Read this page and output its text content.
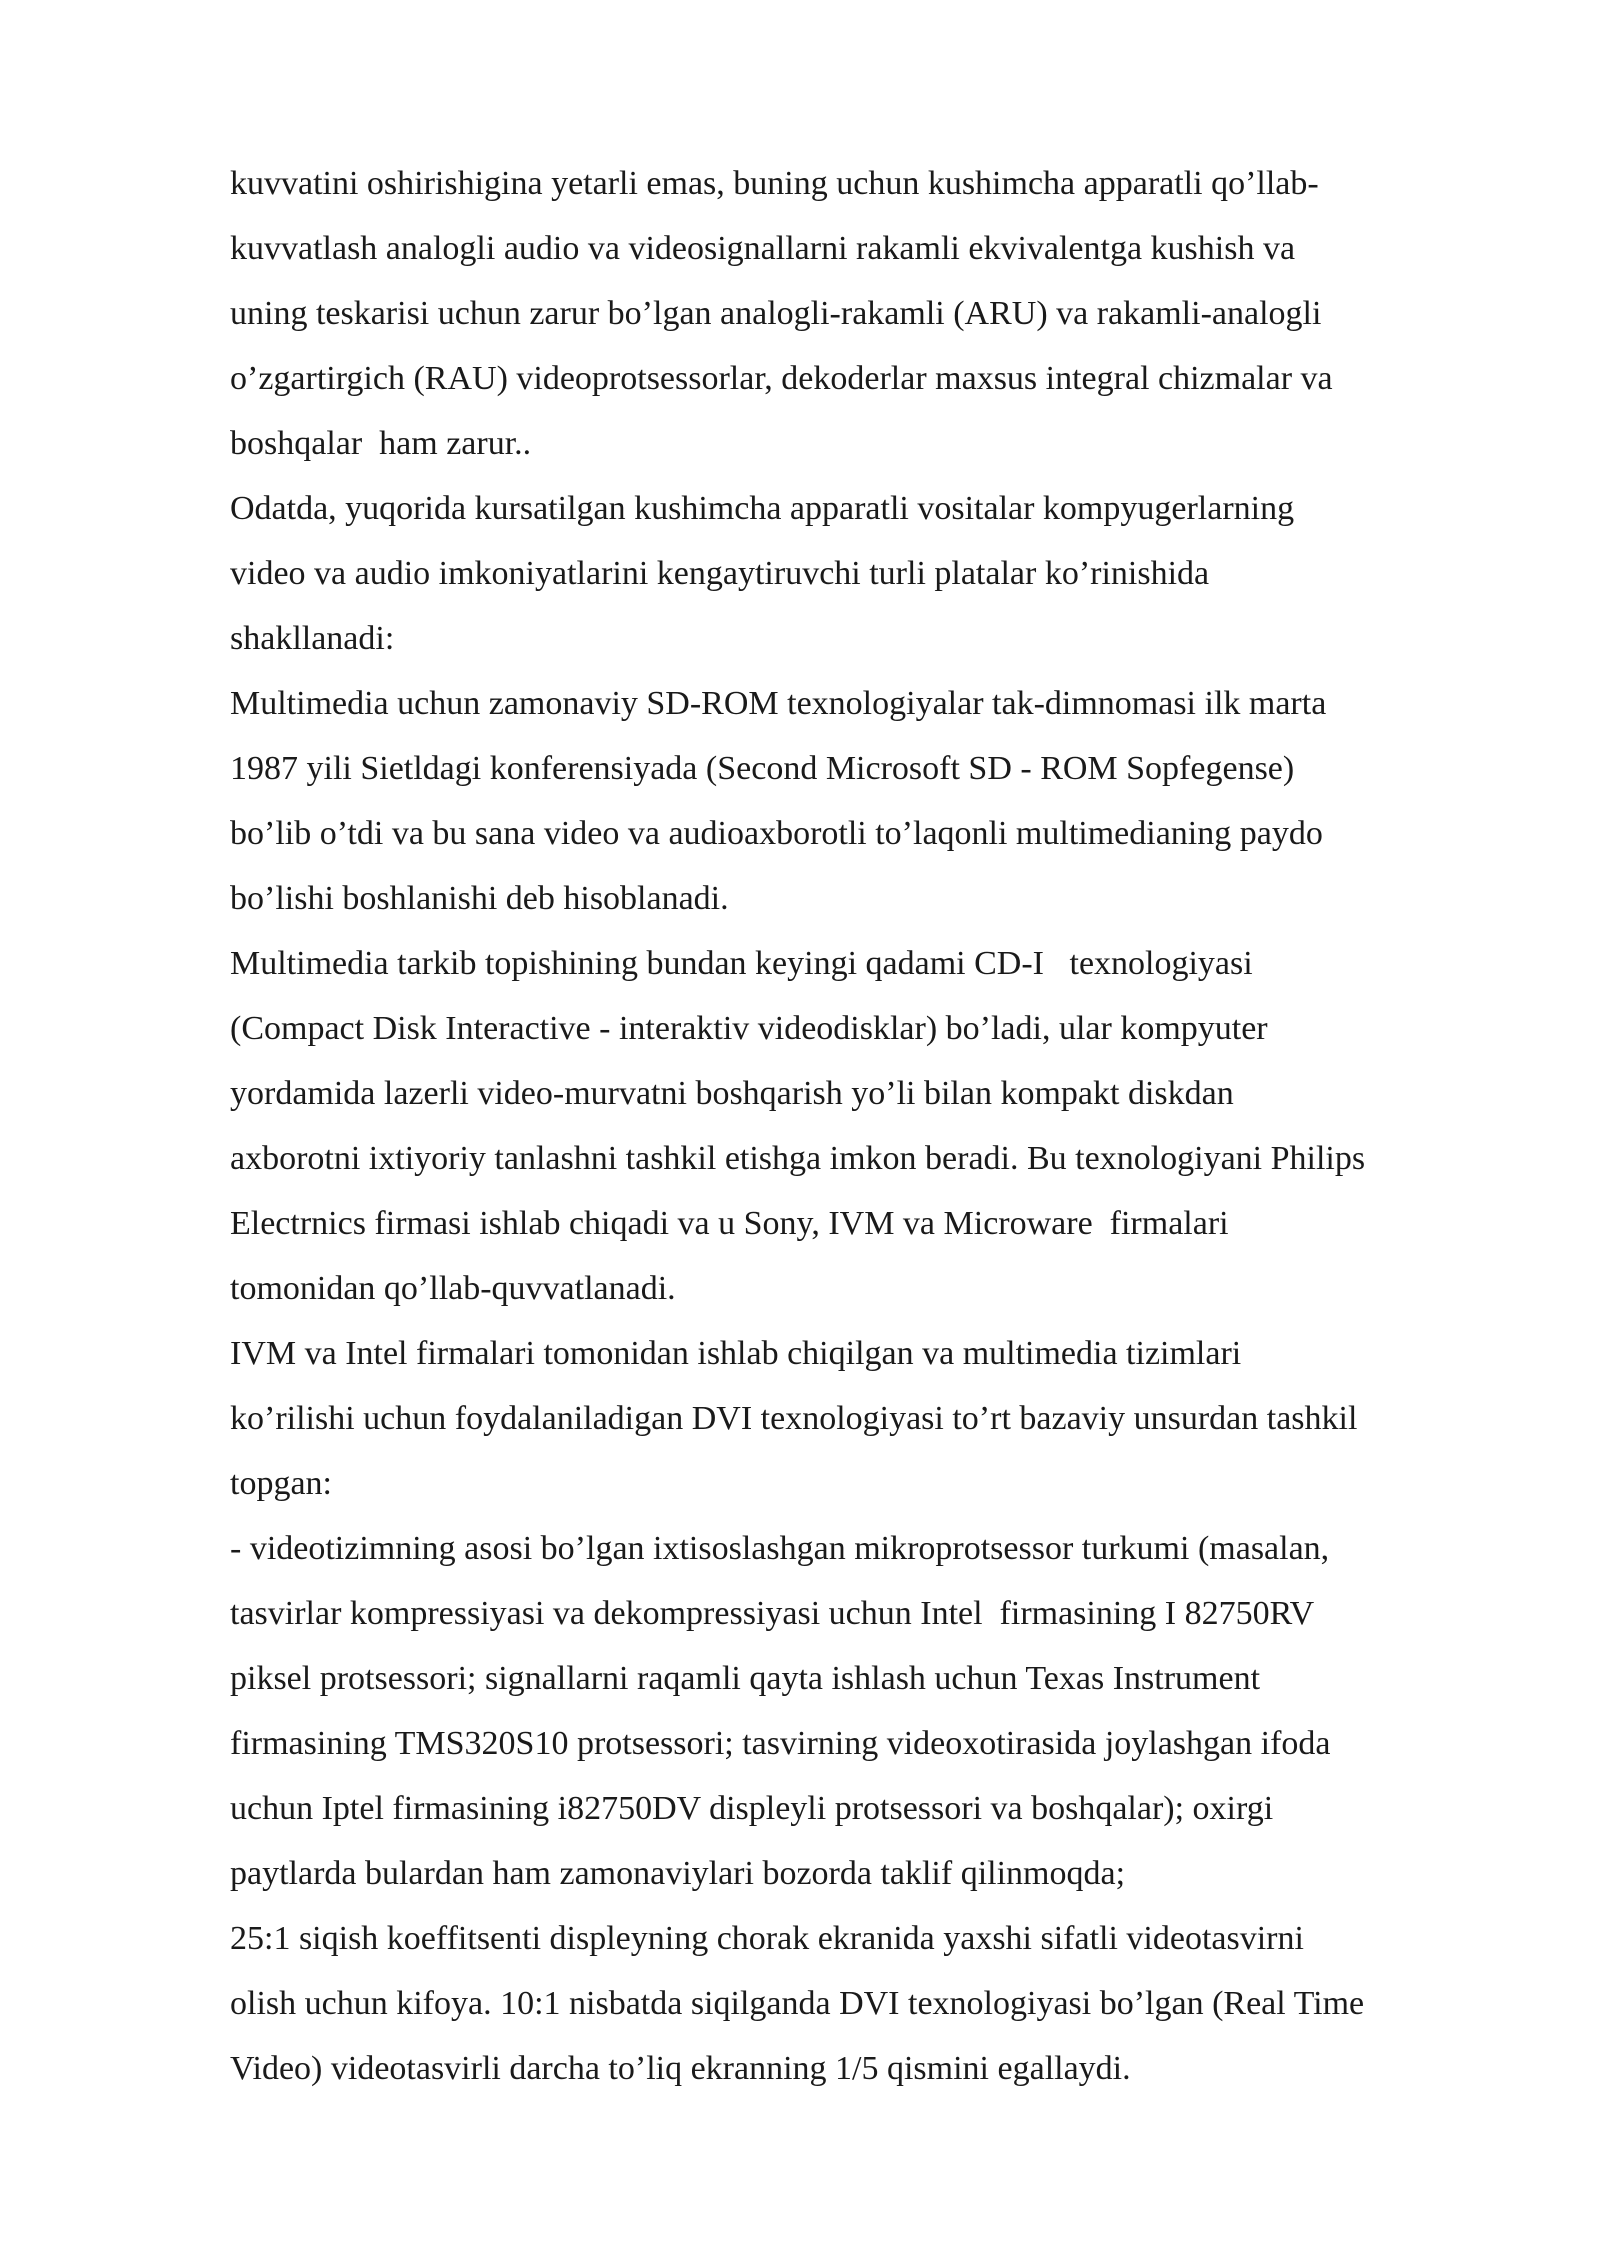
kuvvatini oshirishigina yetarli emas, buning uchun kushimcha apparatli qo’llab-
kuvvatlash analogli audio va videosignallarni rakamli ekvivalentga kushish va
uning teskarisi uchun zarur bo’lgan analogli-rakamli (ARU) va rakamli-analogli
o’zgartirgich (RAU) videoprotsessorlar, dekoderlar maxsus integral chizmalar va
boshqalar  ham zarur..
Odatda, yuqorida kursatilgan kushimcha apparatli vositalar kompyugerlarning
video va audio imkoniyatlarini kengaytiruvchi turli platalar ko’rinishida
shakllanadi:
Multimedia uchun zamonaviy SD-ROM texnologiyalar tak-dimnomasi ilk marta
1987 yili Sietldagi konferensiyada (Second Microsoft SD - ROM Sopfegense)
bo’lib o’tdi va bu sana video va audioaxborotli to’laqonli multimedianing paydo
bo’lishi boshlanishi deb hisoblanadi.
Multimedia tarkib topishining bundan keyingi qadami CD-I   texnologiyasi
(Compact Disk Interactive - interaktiv videodisklar) bo’ladi, ular kompyuter
yordamida lazerli video-murvatni boshqarish yo’li bilan kompakt diskdan
axborotni ixtiyoriy tanlashni tashkil etishga imkon beradi. Bu texnologiyani Philips
Electrnics firmasi ishlab chiqadi va u Sony, IVM va Microware  firmalari
tomonidan qo’llab-quvvatlanadi.
IVM va Intel firmalari tomonidan ishlab chiqilgan va multimedia tizimlari
ko’rilishi uchun foydalaniladigan DVI texnologiyasi to’rt bazaviy unsurdan tashkil
topgan:
- videotizimning asosi bo’lgan ixtisoslashgan mikroprotsessor turkumi (masalan,
tasvirlar kompressiyasi va dekompressiyasi uchun Intel  firmasining I 82750RV
piksel protsessori; signallarni raqamli qayta ishlash uchun Texas Instrument
firmasining TMS320S10 protsessori; tasvirning videoxotirasida joylashgan ifoda
uchun Iptel firmasining i82750DV displeyli protsessori va boshqalar); oxirgi
paytlarda bulardan ham zamonaviylari bozorda taklif qilinmoqda;
25:1 siqish koeffitsenti displeyning chorak ekranida yaxshi sifatli videotasvirni
olish uchun kifoya. 10:1 nisbatda siqilganda DVI texnologiyasi bo’lgan (Real Time
Video) videotasvirli darcha to’liq ekranning 1/5 qismini egallaydi.
